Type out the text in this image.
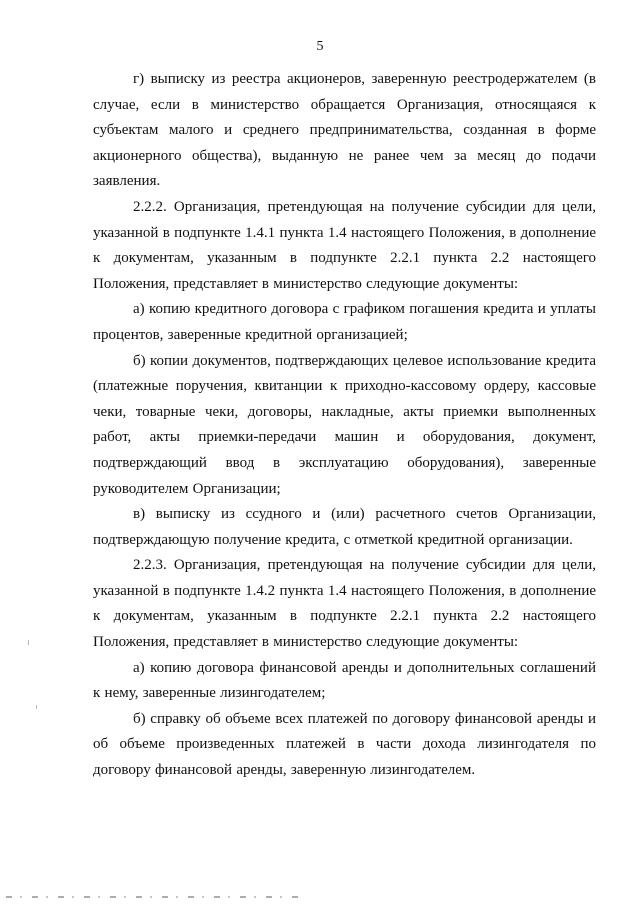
5

г) выписку из реестра акционеров, заверенную реестродержателем (в случае, если в министерство обращается Организация, относящаяся к субъектам малого и среднего предпринимательства, созданная в форме акционерного общества), выданную не ранее чем за месяц до подачи заявления.

2.2.2. Организация, претендующая на получение субсидии для цели, указанной в подпункте 1.4.1 пункта 1.4 настоящего Положения, в дополнение к документам, указанным в подпункте 2.2.1 пункта 2.2 настоящего Положения, представляет в министерство следующие документы:

а) копию кредитного договора с графиком погашения кредита и уплаты процентов, заверенные кредитной организацией;

б) копии документов, подтверждающих целевое использование кредита (платежные поручения, квитанции к приходно-кассовому ордеру, кассовые чеки, товарные чеки, договоры, накладные, акты приемки выполненных работ, акты приемки-передачи машин и оборудования, документ, подтверждающий ввод в эксплуатацию оборудования), заверенные руководителем Организации;

в) выписку из ссудного и (или) расчетного счетов Организации, подтверждающую получение кредита, с отметкой кредитной организации.

2.2.3. Организация, претендующая на получение субсидии для цели, указанной в подпункте 1.4.2 пункта 1.4 настоящего Положения, в дополнение к документам, указанным в подпункте 2.2.1 пункта 2.2 настоящего Положения, представляет в министерство следующие документы:

а) копию договора финансовой аренды и дополнительных соглашений к нему, заверенные лизингодателем;

б) справку об объеме всех платежей по договору финансовой аренды и об объеме произведенных платежей в части дохода лизингодателя по договору финансовой аренды, заверенную лизингодателем.
